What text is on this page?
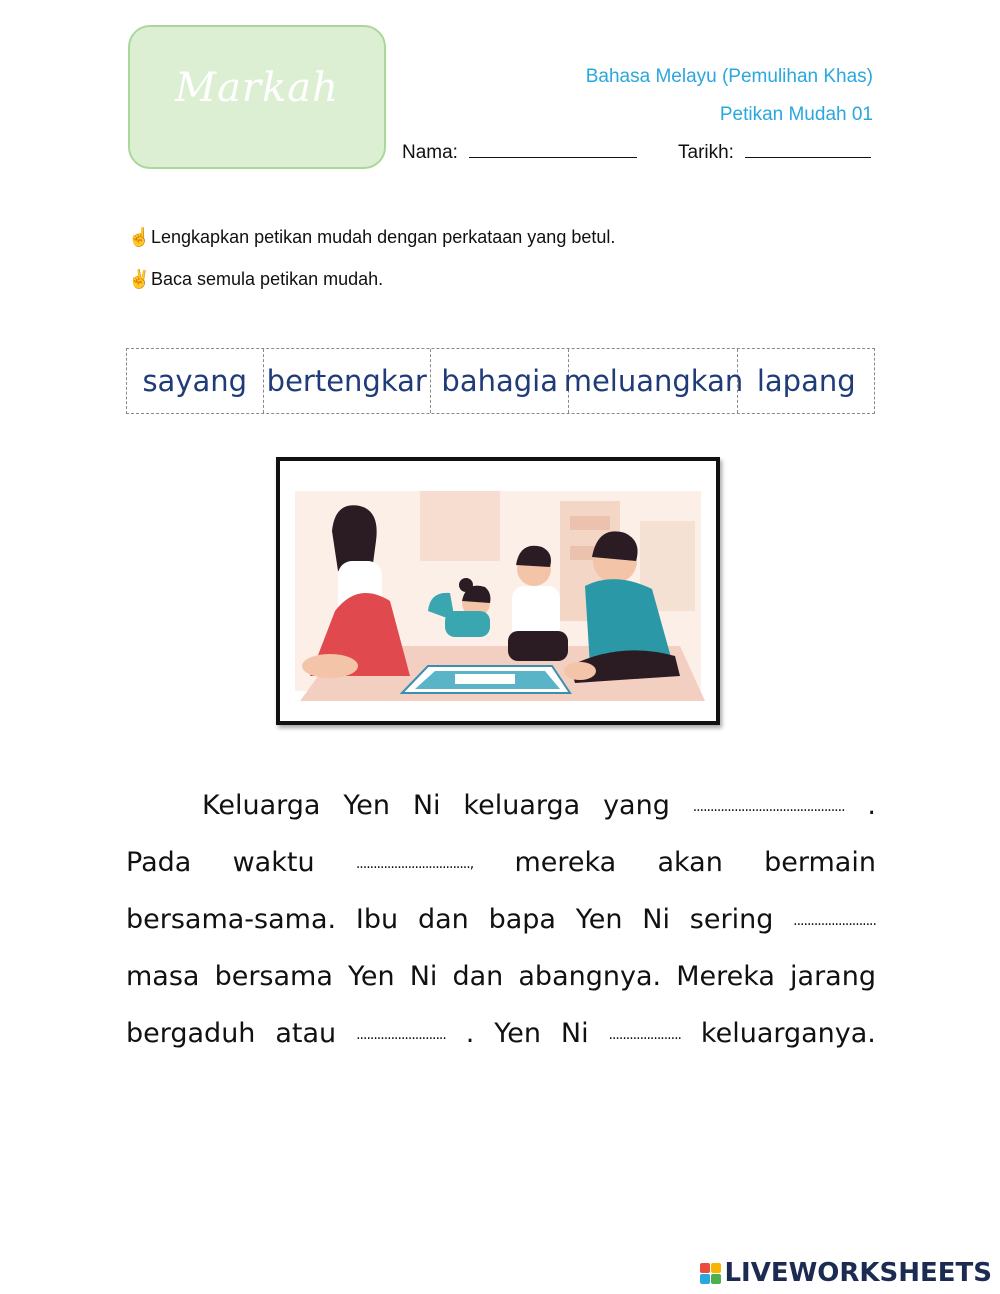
Markah	Bahasa Melayu (Pemulihan Khas)
Petikan Mudah 01
Nama:	Tarikh:
☝Lengkapkan petikan mudah dengan perkataan yang betul.
✌Baca semula petikan mudah.
sayang bertengkar bahagia meluangkan lapang
Keluarga Yen Ni keluarga yang ............................................ .
Pada waktu	................................., mereka akan bermain
bersama-sama. Ibu dan bapa Yen Ni sering ........................
masa bersama Yen Ni dan abangnya. Mereka jarang
bergaduh atau .......................... . Yen Ni ..................... keluarganya.
LIVEWORKSHEETS
